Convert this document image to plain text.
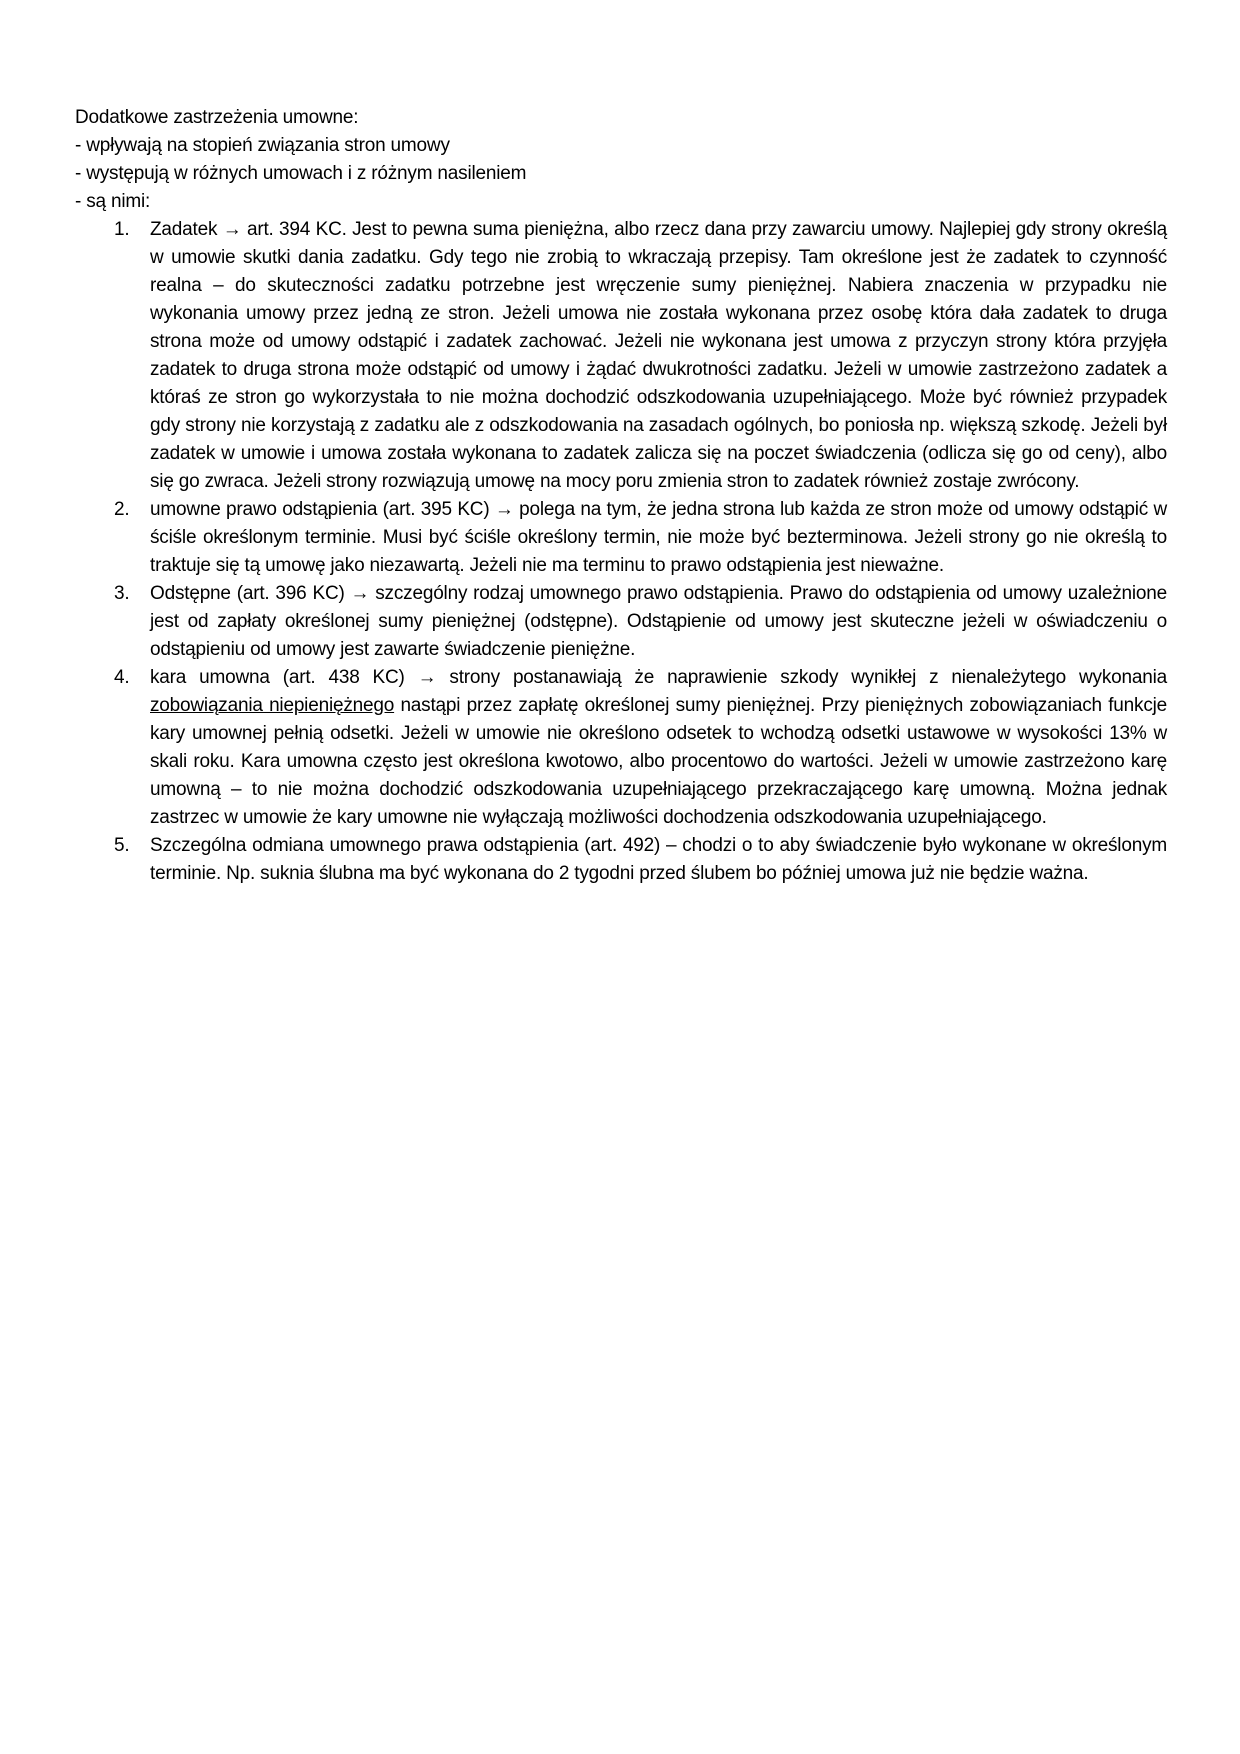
Dodatkowe zastrzeżenia umowne:

- wpływają na stopień związania stron umowy

- występują w różnych umowach i z różnym nasileniem

- są nimi:

1. Zadatek → art. 394 KC. Jest to pewna suma pieniężna, albo rzecz dana przy zawarciu umowy. Najlepiej gdy strony określą w umowie skutki dania zadatku. Gdy tego nie zrobią to wkraczają przepisy. Tam określone jest że zadatek to czynność realna – do skuteczności zadatku potrzebne jest wręczenie sumy pieniężnej. Nabiera znaczenia w przypadku nie wykonania umowy przez jedną ze stron. Jeżeli umowa nie została wykonana przez osobę która dała zadatek to druga strona może od umowy odstąpić i zadatek zachować. Jeżeli nie wykonana jest umowa z przyczyn strony która przyjęła zadatek to druga strona może odstąpić od umowy i żądać dwukrotności zadatku. Jeżeli w umowie zastrzeżono zadatek a któraś ze stron go wykorzystała to nie można dochodzić odszkodowania uzupełniającego. Może być również przypadek gdy strony nie korzystają z zadatku ale z odszkodowania na zasadach ogólnych, bo poniosła np. większą szkodę. Jeżeli był zadatek w umowie i umowa została wykonana to zadatek zalicza się na poczet świadczenia (odlicza się go od ceny), albo się go zwraca. Jeżeli strony rozwiązują umowę na mocy poru zmienia stron to zadatek również zostaje zwrócony.

2. umowne prawo odstąpienia (art. 395 KC) → polega na tym, że jedna strona lub każda ze stron może od umowy odstąpić w ściśle określonym terminie. Musi być ściśle określony termin, nie może być bezterminowa. Jeżeli strony go nie określą to traktuje się tą umowę jako niezawartą. Jeżeli nie ma terminu to prawo odstąpienia jest nieważne.

3. Odstępne (art. 396 KC) → szczególny rodzaj umownego prawo odstąpienia. Prawo do odstąpienia od umowy uzależnione jest od zapłaty określonej sumy pieniężnej (odstępne). Odstąpienie od umowy jest skuteczne jeżeli w oświadczeniu o odstąpieniu od umowy jest zawarte świadczenie pieniężne.

4. kara umowna (art. 438 KC) → strony postanawiają że naprawienie szkody wynikłej z nienależytego wykonania zobowiązania niepieniężnego nastąpi przez zapłatę określonej sumy pieniężnej. Przy pieniężnych zobowiązaniach funkcje kary umownej pełnią odsetki. Jeżeli w umowie nie określono odsetek to wchodzą odsetki ustawowe w wysokości 13% w skali roku. Kara umowna często jest określona kwotowo, albo procentowo do wartości. Jeżeli w umowie zastrzeżono karę umowną – to nie można dochodzić odszkodowania uzupełniającego przekraczającego karę umowną. Można jednak zastrzec w umowie że kary umowne nie wyłączają możliwości dochodzenia odszkodowania uzupełniającego.

5. Szczególna odmiana umownego prawa odstąpienia (art. 492) – chodzi o to aby świadczenie było wykonane w określonym terminie. Np. suknia ślubna ma być wykonana do 2 tygodni przed ślubem bo później umowa już nie będzie ważna.
